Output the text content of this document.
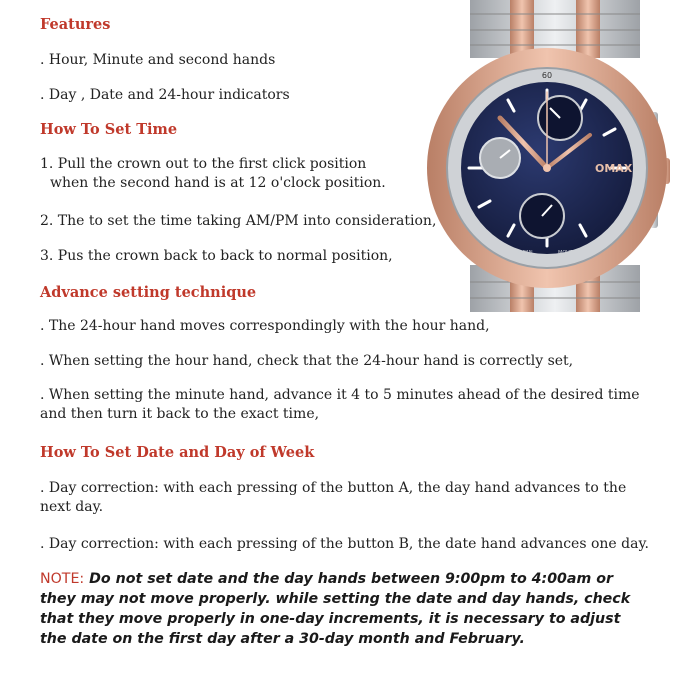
Features
. Hour, Minute and second hands
. Day , Date and 24-hour indicators
How To Set Time
1. Pull the crown out to the first click position
when the second hand is at 12 o'clock position.
2. The to set the time taking AM/PM into consideration,
3. Pus the crown back to back to normal position,
Advance setting technique
. The 24-hour hand moves correspondingly with the hour hand,
. When setting the hour hand, check that the 24-hour hand is correctly set,
. When setting the minute hand, advance it 4 to 5 minutes ahead of the desired time and then turn it back to the exact time,
How To Set Date and Day of Week
. Day correction: with each pressing of the button A, the day hand advances to the next day.
. Day correction: with each pressing of the button B, the date hand advances one day.
NOTE: Do not set date and the day hands between 9:00pm to 4:00am or they may not move properly. while setting the date and day hands, check that they move properly in one-day increments, it is necessary to adjust the date on the first day after a 30-day month and February.
60
OMAX
JAPAN	MOVT
